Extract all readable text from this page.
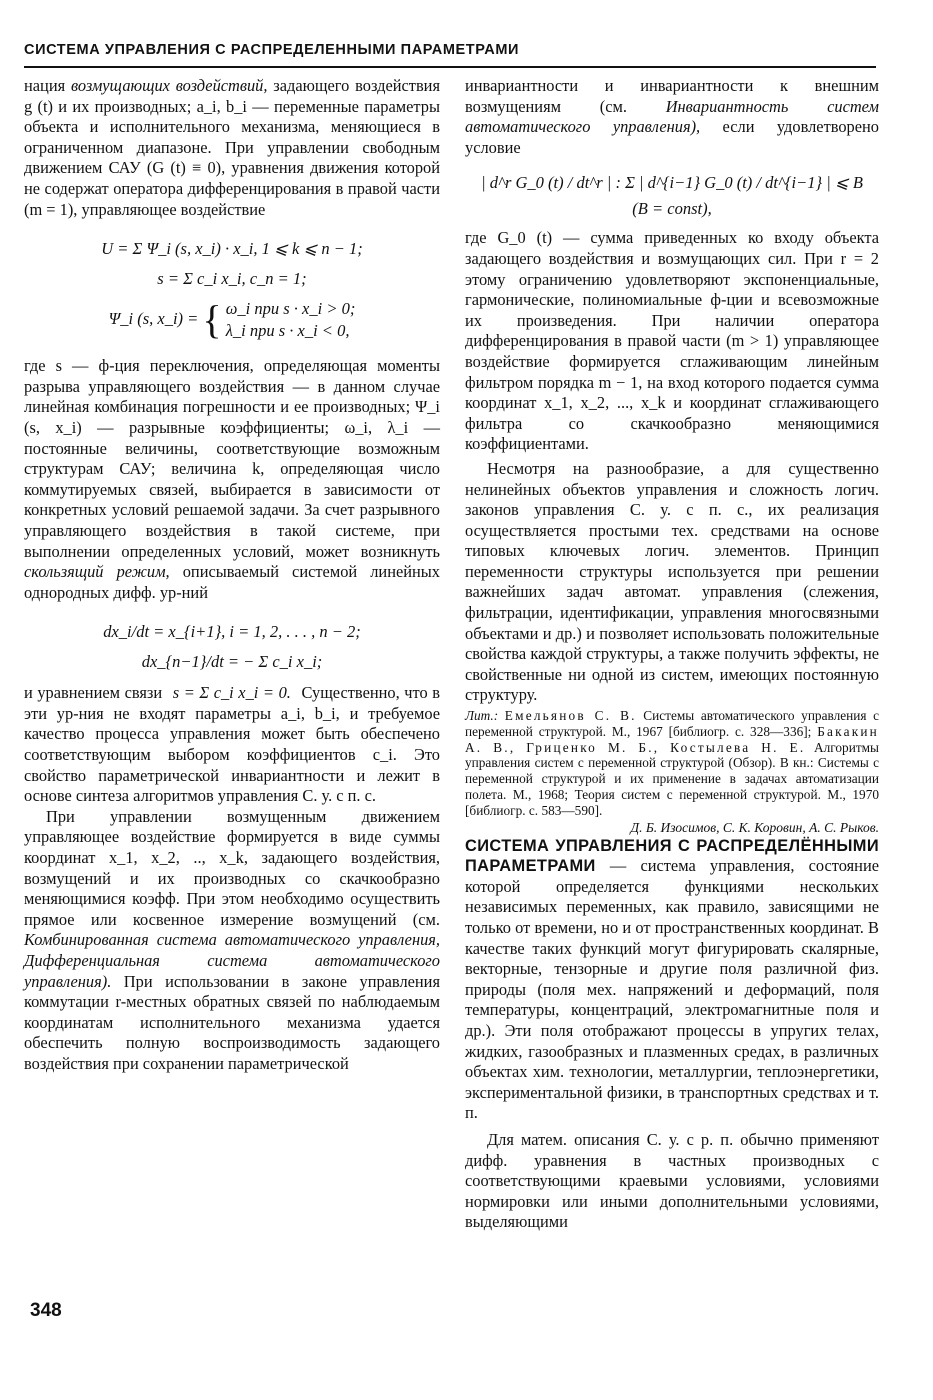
СИСТЕМА УПРАВЛЕНИЯ С РАСПРЕДЕЛЕННЫМИ ПАРАМЕТРАМИ

нация возмущающих воздействий, задающего воздействия g (t) и их производных; a_i, b_i — переменные параметры объекта и исполнительного механизма, меняющиеся в ограниченном диапазоне. При управлении свободным движением САУ (G (t) ≡ 0), уравнения движения которой не содержат оператора дифференцирования в правой части (m = 1), управляющее воздействие

U = Σ Ψ_i (s, x_i) · x_i, 1 ⩽ k ⩽ n − 1;
s = Σ c_i x_i, c_n = 1;
Ψ_i (s, x_i) = { ω_i при s · x_i > 0;
λ_i при s · x_i < 0,

где s — ф-ция переключения, определяющая моменты разрыва управляющего воздействия — в данном случае линейная комбинация погрешности и ее производных; Ψ_i (s, x_i) — разрывные коэффициенты; ω_i, λ_i — постоянные величины, соответствующие возможным структурам САУ; величина k, определяющая число коммутируемых связей, выбирается в зависимости от конкретных условий решаемой задачи. За счет разрывного управляющего воздействия в такой системе, при выполнении определенных условий, может возникнуть скользящий режим, описываемый системой линейных однородных дифф. ур-ний

dx_i/dt = x_{i+1}, i = 1, 2, . . . , n − 2;
dx_{n−1}/dt = − Σ c_i x_i;

и уравнением связи s = Σ c_i x_i = 0. Существенно, что в эти ур-ния не входят параметры a_i, b_i, и требуемое качество процесса управления может быть обеспечено соответствующим выбором коэффициентов c_i. Это свойство параметрической инвариантности и лежит в основе синтеза алгоритмов управления С. у. с п. с.

При управлении возмущенным движением управляющее воздействие формируется в виде суммы координат x_1, x_2, .., x_k, задающего воздействия, возмущений и их производных со скачкообразно меняющимися коэфф. При этом необходимо осуществить прямое или косвенное измерение возмущений (см. Комбинированная система автоматического управления, Дифференциальная система автоматического управления). При использовании в законе управления коммутации r-местных обратных связей по наблюдаемым координатам исполнительного механизма удается обеспечить полную воспроизводимость задающего воздействия при сохранении параметрической

инвариантности и инвариантности к внешним возмущениям (см. Инвариантность систем автоматического управления), если удовлетворено условие

| d^r G_0 (t) / dt^r | : Σ | d^{i−1} G_0 (t) / dt^{i−1} | ⩽ B
(B = const),

где G_0 (t) — сумма приведенных ко входу объекта задающего воздействия и возмущающих сил. При r = 2 этому ограничению удовлетворяют экспоненциальные, гармонические, полиномиальные ф-ции и всевозможные их произведения. При наличии оператора дифференцирования в правой части (m > 1) управляющее воздействие формируется сглаживающим линейным фильтром порядка m − 1, на вход которого подается сумма координат x_1, x_2, ..., x_k и координат сглаживающего фильтра со скачкообразно меняющимися коэффициентами.

Несмотря на разнообразие, а для существенно нелинейных объектов управления и сложность логич. законов управления С. у. с п. с., их реализация осуществляется простыми тех. средствами на основе типовых ключевых логич. элементов. Принцип переменности структуры используется при решении важнейших задач автомат. управления (слежения, фильтрации, идентификации, управления многосвязными объектами и др.) и позволяет использовать положительные свойства каждой структуры, а также получить эффекты, не свойственные ни одной из систем, имеющих постоянную структуру.

Лит.: Емельянов С. В. Системы автоматического управления с переменной структурой. М., 1967 [библиогр. с. 328—336]; Бакакин А. В., Гриценко М. Б., Костылева Н. Е. Алгоритмы управления систем с переменной структурой (Обзор). В кн.: Системы с переменной структурой и их применение в задачах автоматизации полета. М., 1968; Теория систем с переменной структурой. М., 1970 [библиогр. с. 583—590].

Д. Б. Изосимов, С. К. Коровин, А. С. Рыков.

СИСТЕМА УПРАВЛЕНИЯ С РАСПРЕДЕЛЁННЫМИ ПАРАМЕТРАМИ — система управления, состояние которой определяется функциями нескольких независимых переменных, как правило, зависящими не только от времени, но и от пространственных координат. В качестве таких функций могут фигурировать скалярные, векторные, тензорные и другие поля различной физ. природы (поля мех. напряжений и деформаций, поля температуры, концентраций, электромагнитные поля и др.). Эти поля отображают процессы в упругих телах, жидких, газообразных и плазменных средах, в различных объектах хим. технологии, металлургии, теплоэнергетики, экспериментальной физики, в транспортных средствах и т. п.

Для матем. описания С. у. с р. п. обычно применяют дифф. уравнения в частных производных с соответствующими краевыми условиями, условиями нормировки или иными дополнительными условиями, выделяющими

348
